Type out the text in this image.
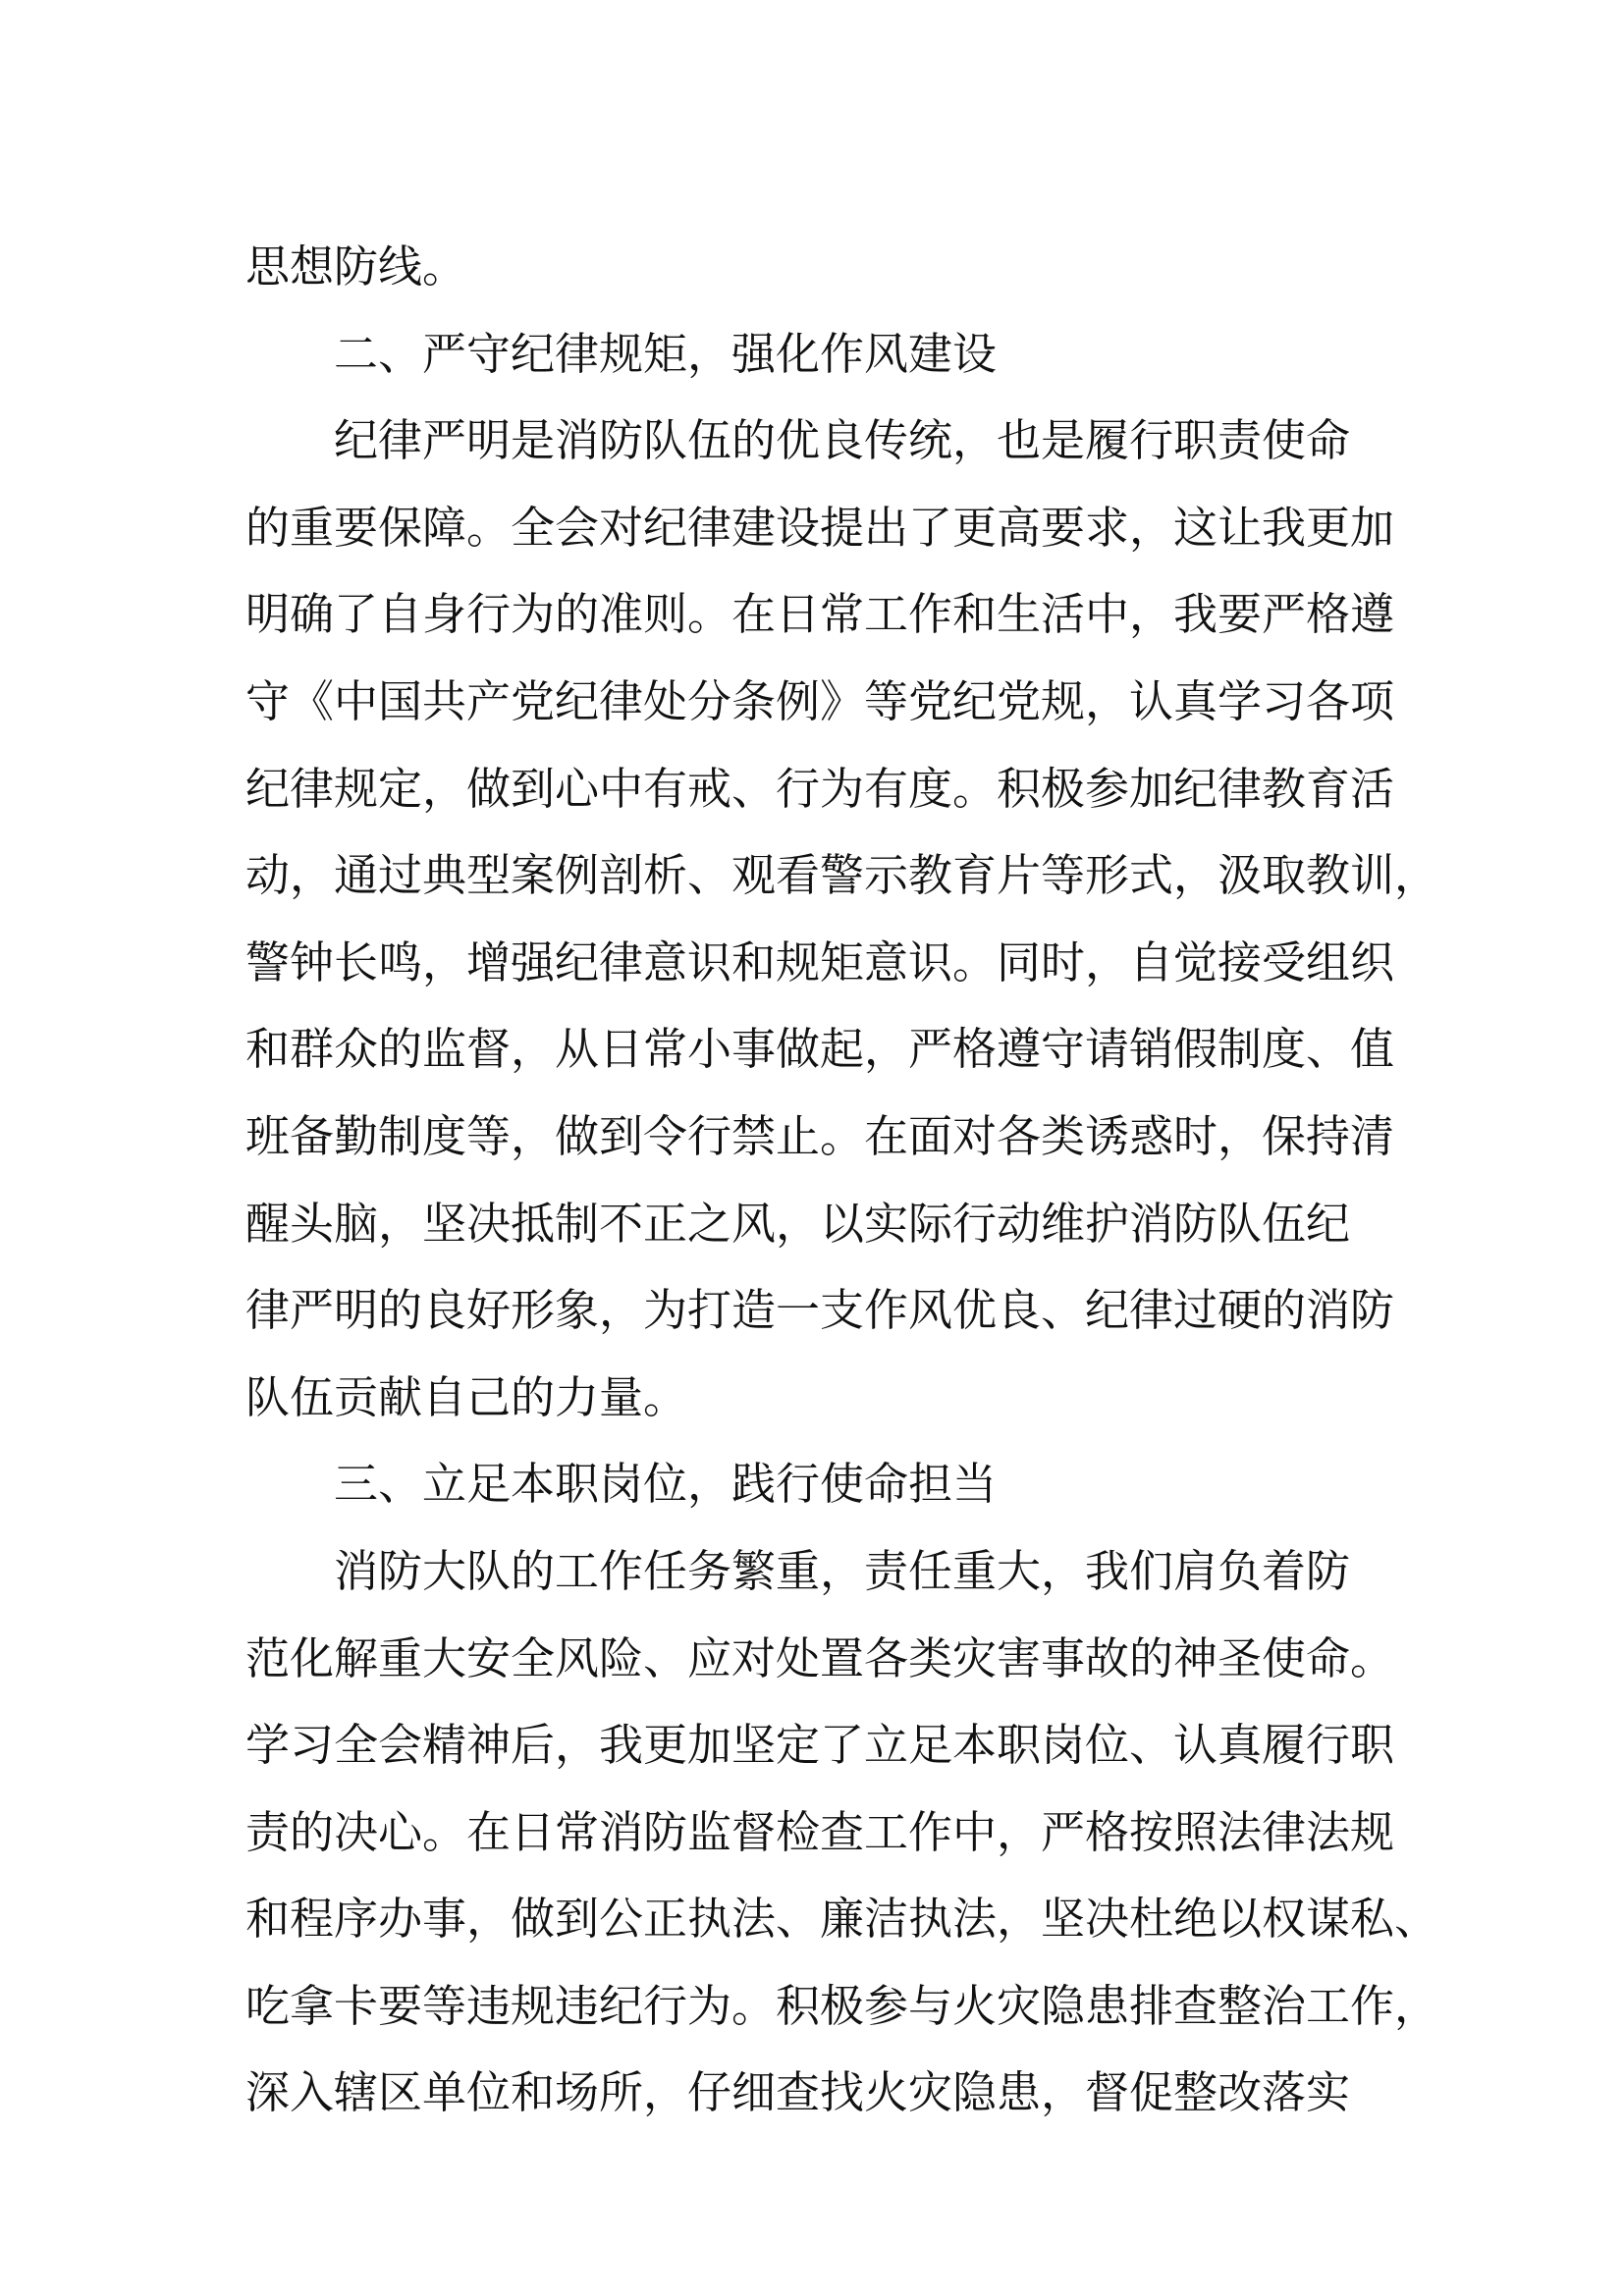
思想防线。
二、严守纪律规矩，强化作风建设
纪律严明是消防队伍的优良传统，也是履行职责使命
的重要保障。全会对纪律建设提出了更高要求，这让我更加
明确了自身行为的准则。在日常工作和生活中，我要严格遵
守《中国共产党纪律处分条例》等党纪党规，认真学习各项
纪律规定，做到心中有戒、行为有度。积极参加纪律教育活
动，通过典型案例剖析、观看警示教育片等形式，汲取教训，
警钟长鸣，增强纪律意识和规矩意识。同时，自觉接受组织
和群众的监督，从日常小事做起，严格遵守请销假制度、值
班备勤制度等，做到令行禁止。在面对各类诱惑时，保持清
醒头脑，坚决抵制不正之风，以实际行动维护消防队伍纪
律严明的良好形象，为打造一支作风优良、纪律过硬的消防
队伍贡献自己的力量。
三、立足本职岗位，践行使命担当
消防大队的工作任务繁重，责任重大，我们肩负着防
范化解重大安全风险、应对处置各类灾害事故的神圣使命。
学习全会精神后，我更加坚定了立足本职岗位、认真履行职
责的决心。在日常消防监督检查工作中，严格按照法律法规
和程序办事，做到公正执法、廉洁执法，坚决杜绝以权谋私、
吃拿卡要等违规违纪行为。积极参与火灾隐患排查整治工作，
深入辖区单位和场所，仔细查找火灾隐患，督促整改落实
